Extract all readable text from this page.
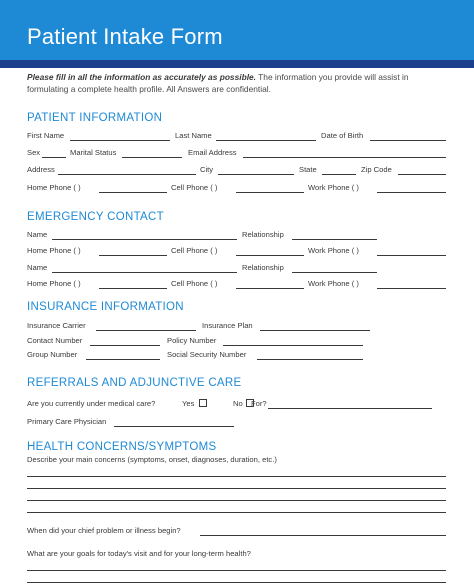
Patient Intake Form
Please fill in all the information as accurately as possible. The information you provide will assist in formulating a complete health profile. All Answers are confidential.
PATIENT INFORMATION
First Name	Last Name	Date of Birth
Sex	Marital Status	Email Address
Address	City	State	Zip Code
Home Phone ( )	Cell Phone ( )	Work Phone ( )
EMERGENCY CONTACT
Name	Relationship
Home Phone ( )	Cell Phone ( )	Work Phone ( )
Name	Relationship
Home Phone ( )	Cell Phone ( )	Work Phone ( )
INSURANCE INFORMATION
Insurance Carrier	Insurance Plan
Contact Number	Policy Number
Group Number	Social Security Number
REFERRALS AND ADJUNCTIVE CARE
Are you currently under medical care?	Yes	No For?
Primary Care Physician
HEALTH CONCERNS/SYMPTOMS
Describe your main concerns (symptoms, onset, diagnoses, duration, etc.)
When did your chief problem or illness begin?
What are your goals for today's visit and for your long-term health?
